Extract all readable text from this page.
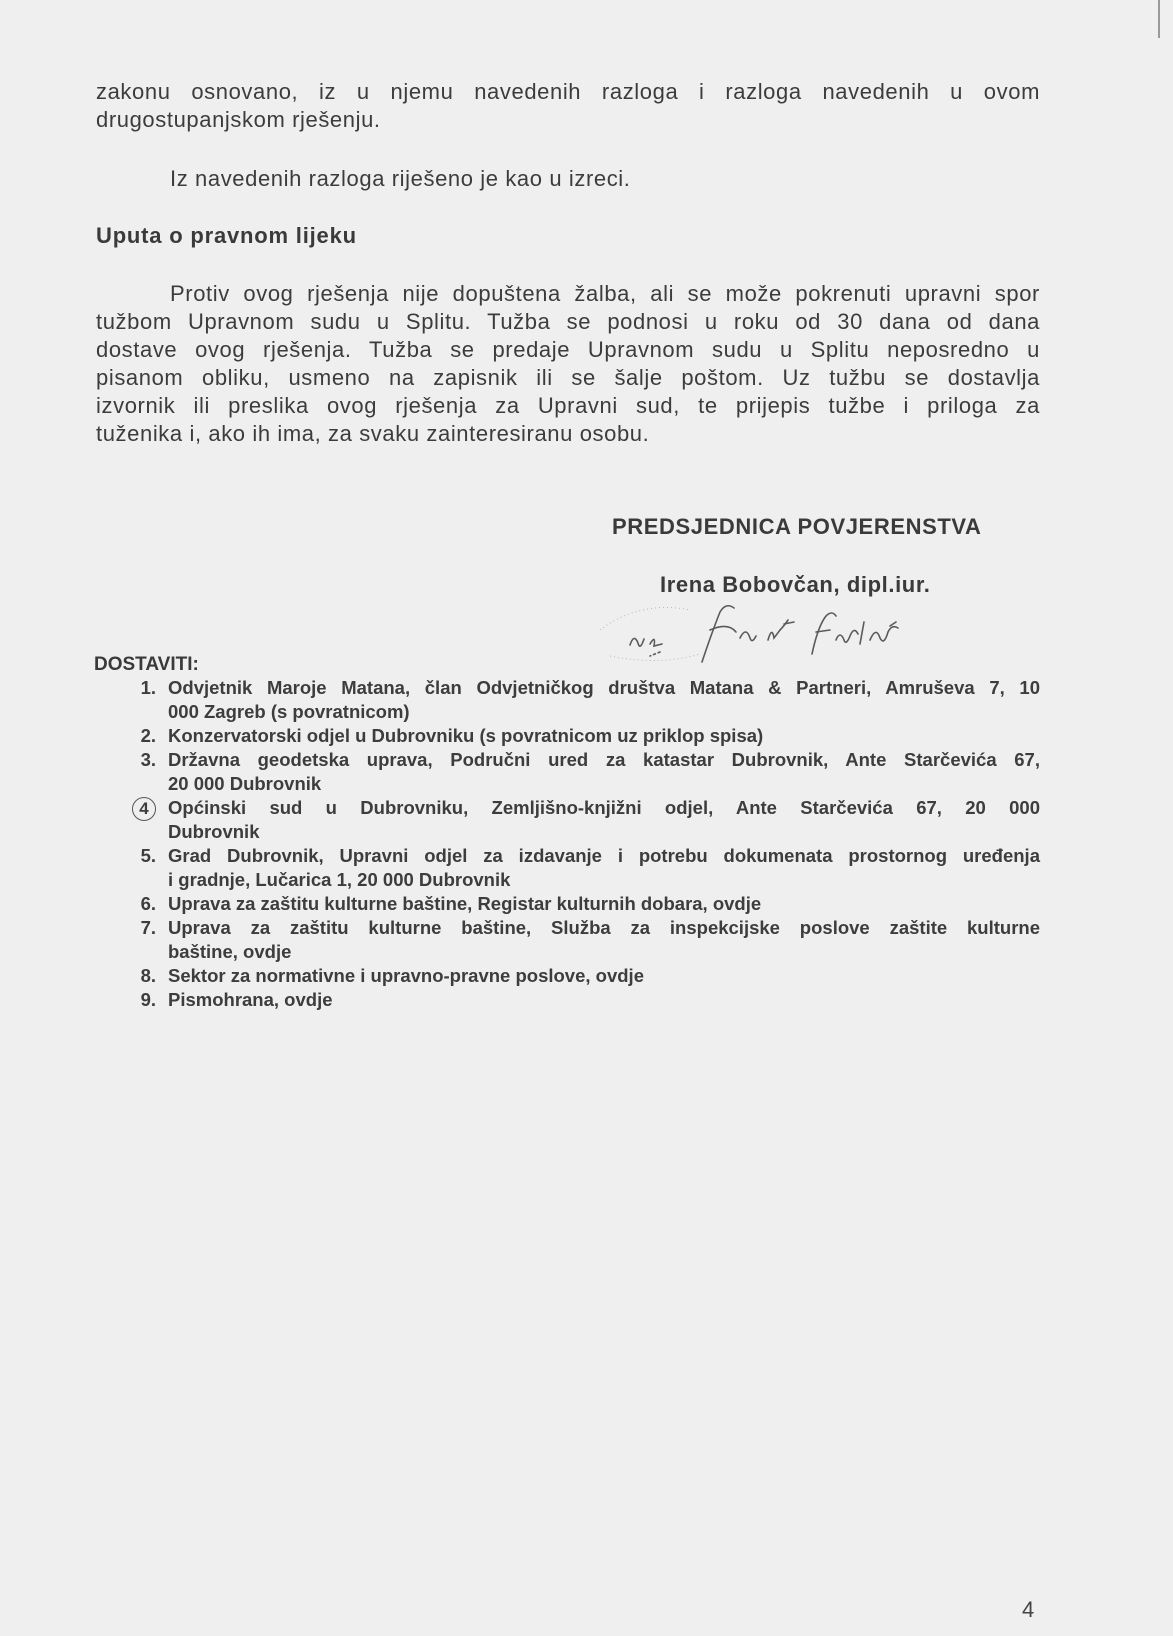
zakonu osnovano, iz u njemu navedenih razloga i razloga navedenih u ovom
drugostupanjskom rješenju.
Iz navedenih razloga riješeno je kao u izreci.
Uputa o pravnom lijeku
Protiv ovog rješenja nije dopuštena žalba, ali se može pokrenuti upravni spor
tužbom Upravnom sudu u Splitu. Tužba se podnosi u roku od 30 dana od dana
dostave ovog rješenja. Tužba se predaje Upravnom sudu u Splitu neposredno u
pisanom obliku, usmeno na zapisnik ili se šalje poštom. Uz tužbu se dostavlja
izvornik ili preslika ovog rješenja za Upravni sud, te prijepis tužbe i priloga za
tuženika i, ako ih ima, za svaku zainteresiranu osobu.
PREDSJEDNICA POVJERENSTVA
Irena Bobovčan, dipl.iur.
DOSTAVITI:
1. Odvjetnik Maroje Matana, član Odvjetničkog društva Matana & Partneri, Amruševa 7, 10
000 Zagreb (s povratnicom)
2. Konzervatorski odjel u Dubrovniku (s povratnicom uz priklop spisa)
3. Državna geodetska uprava, Područni ured za katastar Dubrovnik, Ante Starčevića 67,
20 000 Dubrovnik
4	Općinski sud u Dubrovniku, Zemljišno-knjižni odjel, Ante Starčevića 67, 20 000
Dubrovnik
5. Grad Dubrovnik, Upravni odjel za izdavanje i potrebu dokumenata prostornog uređenja
i gradnje, Lučarica 1, 20 000 Dubrovnik
6. Uprava za zaštitu kulturne baštine, Registar kulturnih dobara, ovdje
7. Uprava za zaštitu kulturne baštine, Služba za inspekcijske poslove zaštite kulturne
baštine, ovdje
8. Sektor za normativne i upravno-pravne poslove, ovdje
9. Pismohrana, ovdje
4
